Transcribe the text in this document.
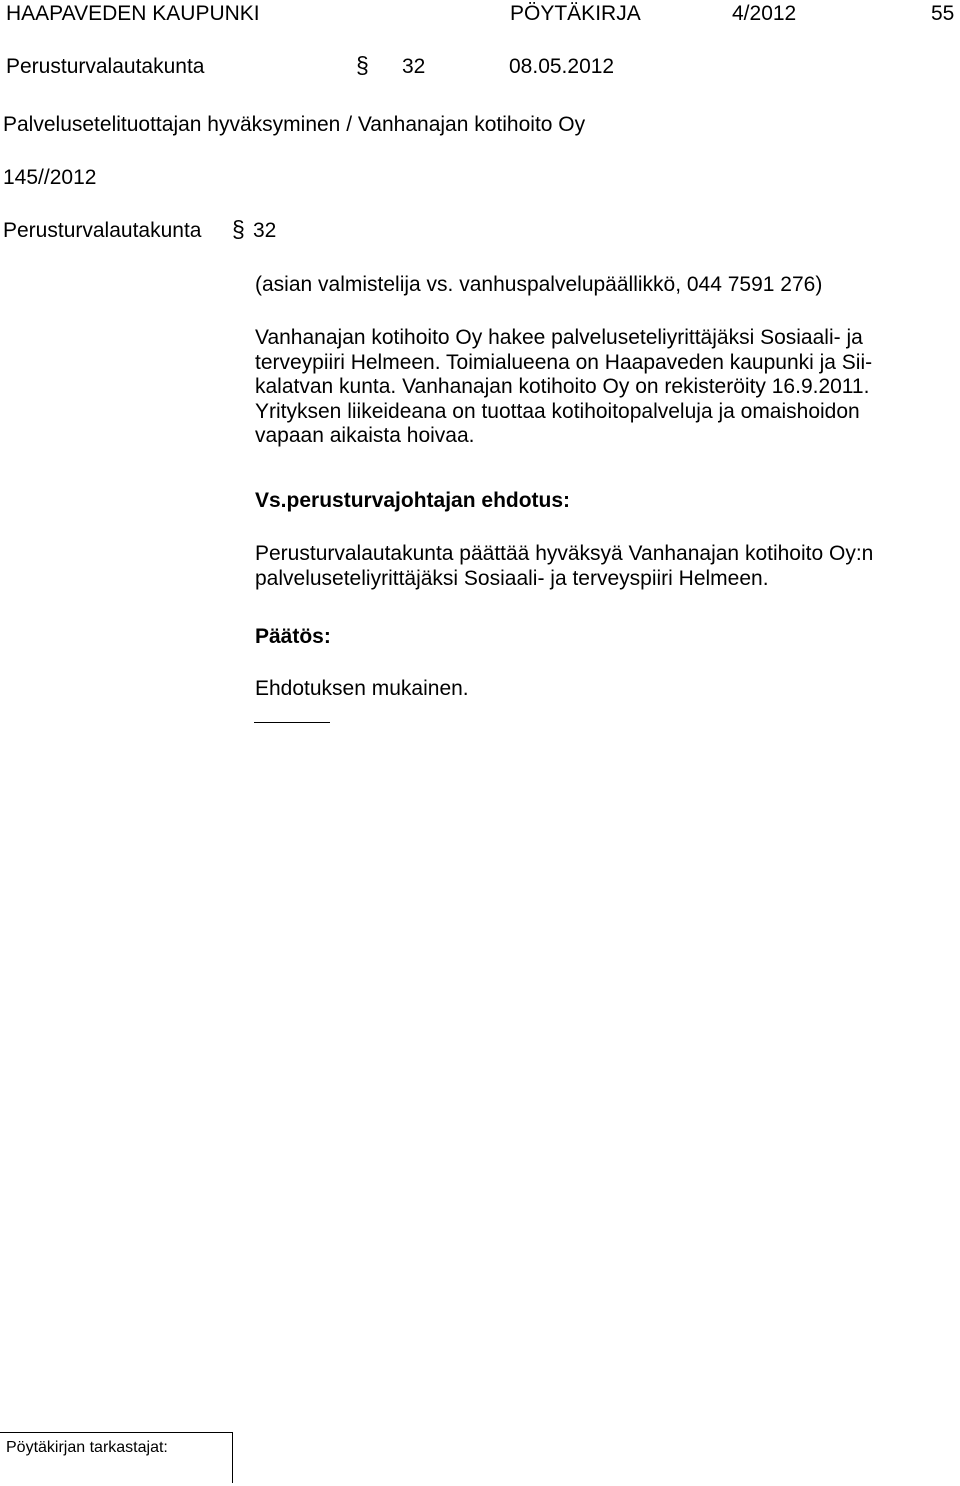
HAAPAVEDEN KAUPUNKI	PÖYTÄKIRJA	4/2012	55
Perusturvalautakunta	§ 32	08.05.2012
Palvelusetelituottajan hyväksyminen / Vanhanajan kotihoito Oy
145//2012
Perusturvalautakunta § 32
(asian valmistelija vs. vanhuspalvelupäällikkö, 044 7591 276)
Vanhanajan kotihoito Oy hakee palveluseteliyrittäjäksi Sosiaali- ja
terveypiiri Helmeen. Toimialueena on Haapaveden kaupunki ja Sii-
kalatvan kunta. Vanhanajan kotihoito Oy on rekisteröity 16.9.2011.
Yrityksen liikeideana on tuottaa kotihoitopalveluja ja omaishoidon
vapaan aikaista hoivaa.
Vs.perusturvajohtajan ehdotus:
Perusturvalautakunta päättää hyväksyä Vanhanajan kotihoito Oy:n
palveluseteliyrittäjäksi Sosiaali- ja terveyspiiri Helmeen.
Päätös:
Ehdotuksen mukainen.
Pöytäkirjan tarkastajat:
